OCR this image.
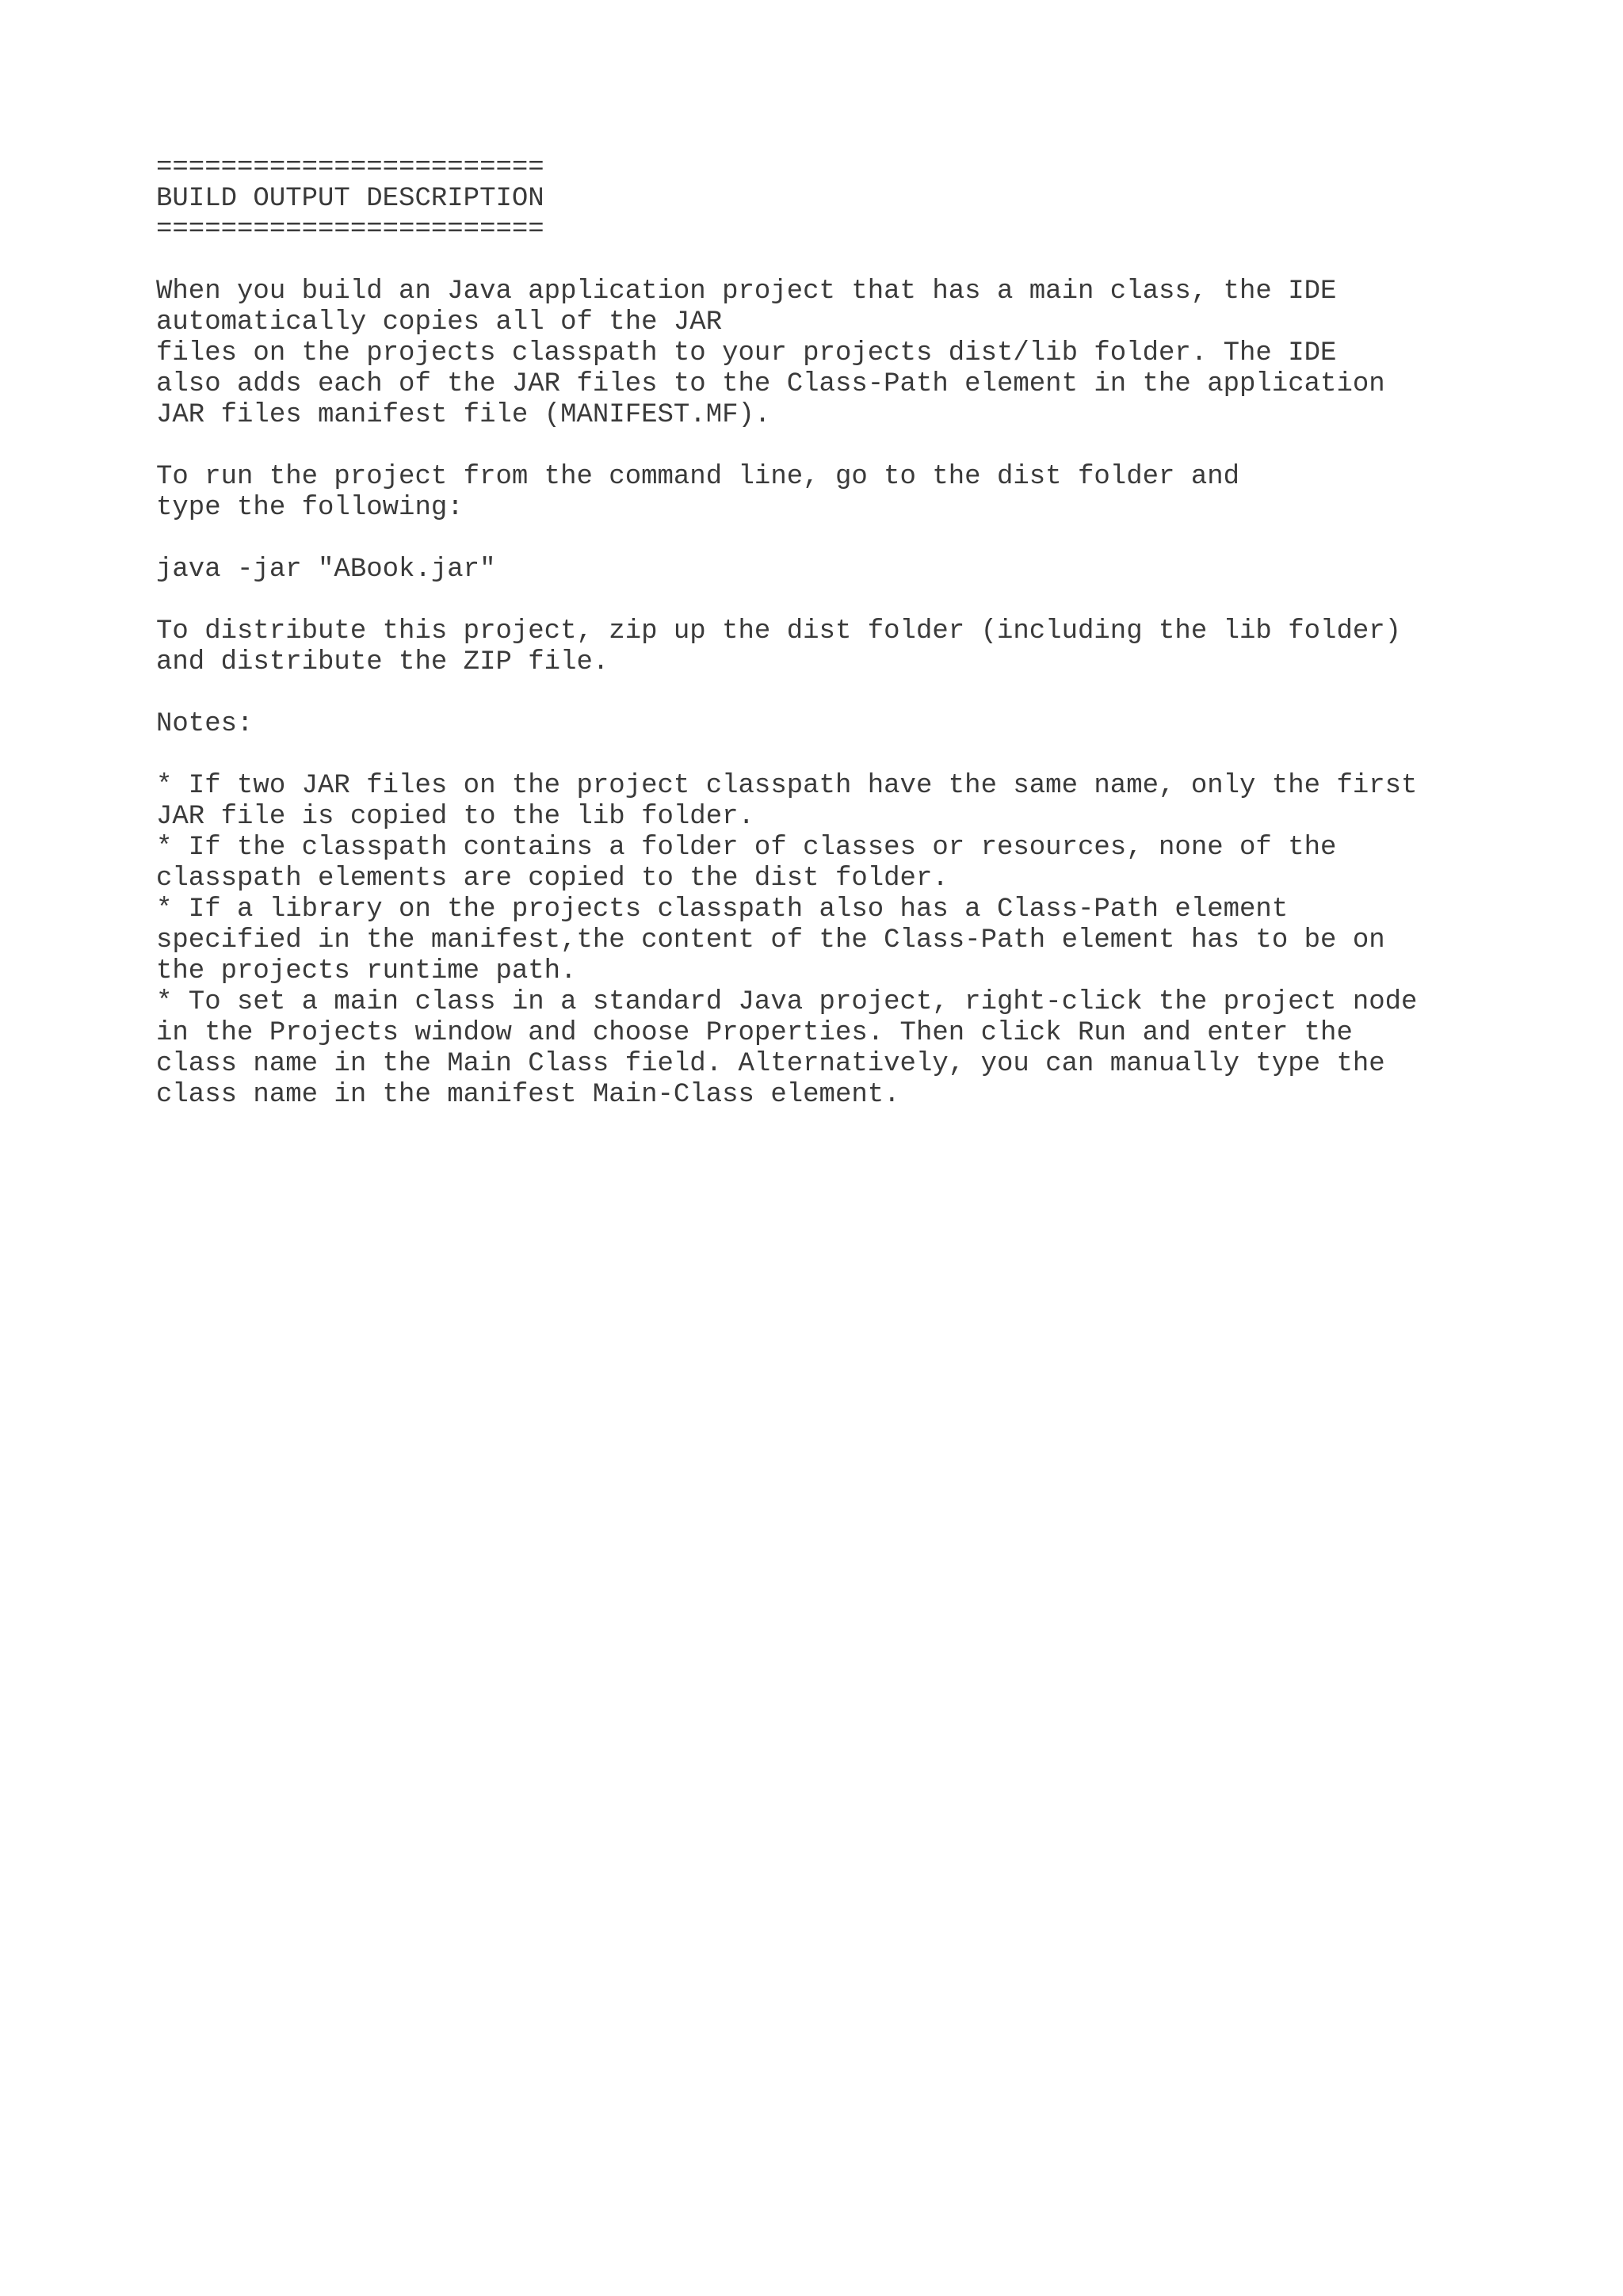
========================
BUILD OUTPUT DESCRIPTION
========================
When you build an Java application project that has a main class, the IDE
automatically copies all of the JAR
files on the projects classpath to your projects dist/lib folder. The IDE
also adds each of the JAR files to the Class-Path element in the application
JAR files manifest file (MANIFEST.MF).
To run the project from the command line, go to the dist folder and
type the following:
java -jar "ABook.jar"
To distribute this project, zip up the dist folder (including the lib folder)
and distribute the ZIP file.
Notes:
* If two JAR files on the project classpath have the same name, only the first
JAR file is copied to the lib folder.
* If the classpath contains a folder of classes or resources, none of the
classpath elements are copied to the dist folder.
* If a library on the projects classpath also has a Class-Path element
specified in the manifest,the content of the Class-Path element has to be on
the projects runtime path.
* To set a main class in a standard Java project, right-click the project node
in the Projects window and choose Properties. Then click Run and enter the
class name in the Main Class field. Alternatively, you can manually type the
class name in the manifest Main-Class element.
